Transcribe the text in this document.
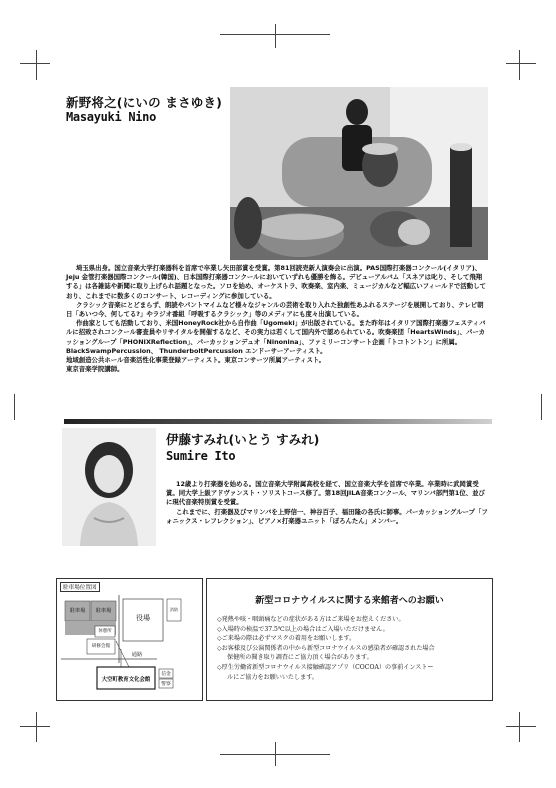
新野将之(にいの まさゆき)
Masayuki Nino

埼玉県出身。国立音楽大学打楽器科を首席で卒業し矢田部賞を受賞。第81回読売新人演奏会に出演。PAS国際打楽器コンクール(イタリア)、Jeju 金管打楽器国際コンクール(韓国)、日本国際打楽器コンクールにおいていずれも優勝を飾る。デビューアルバム「スネアは叱り、そして飛翔する」は各雑誌や新聞に取り上げられ話題となった。ソロを始め、オーケストラ、吹奏楽、室内楽、ミュージカルなど幅広いフィールドで活動しており、これまでに数多くのコンサート、レコーディングに参加している。

クラシック音楽にとどまらず、朗読やパントマイムなど様々なジャンルの芸術を取り入れた独創性あふれるステージを展開しており、テレビ朝日「あいつ今、何してる?」やラジオ番組「呼吸するクラシック」等のメディアにも度々出演している。

作曲家としても活動しており、米国HoneyRock社から自作曲「Ugomeki」が出版されている。また昨年はイタリア国際打楽器フェスティバルに招致されコンクール審査員やリサイタルを開催するなど、その実力は若くして国内外で認められている。吹奏楽団「HeartsWinds」、パーカッショングループ「PHONIXReflection」、パーカッションデュオ「Ninonina」、ファミリーコンサート企画「トコトントン」に所属。

BlackSwampPercussion、 ThunderboltPercussion エンドーサーアーティスト。

地域創造公共ホール音楽活性化事業登録アーティスト。東京コンサーツ所属アーティスト。

東京音楽学院講師。

伊藤すみれ(いとう すみれ)
Sumire Ito

12歳より打楽器を始める。国立音楽大学附属高校を経て、国立音楽大学を首席で卒業。卒業時に武岡賞受賞。同大学上級アドヴァンスト・ソリストコース修了。第18回JILA音楽コンクール、マリンバ部門第1位、並びに現代音楽特別賞を受賞。

これまでに、打楽器及びマリンバを上野信一、神谷百子、福田隆の各氏に師事。パーカッショングループ「フォニックス・レフレクション」、ピアノ×打楽器ユニット「ぽろんたん」メンバー。

駐車場位置図
駐車場	駐車場
役場
消防
休憩所
研修会館
通路
信金
警察
大空町教育文化会館
新型コロナウイルスに関する来館者へのお願い

◇発熱や咳・咽頭痛などの症状がある方はご来場をお控えください。

◇入場時の検温で37.5℃以上の場合はご入場いただけません。

◇ご来場の際は必ずマスクの着用をお願いします。

◇お客様及び公演関係者の中から新型コロナウイルスの感染者が確認された場合

保健所の聞き取り調査にご協力頂く場合があります。

◇厚生労働省新型コロナウイルス接触確認アプリ（COCOA）の事前インストー

ルにご協力をお願いいたします。
